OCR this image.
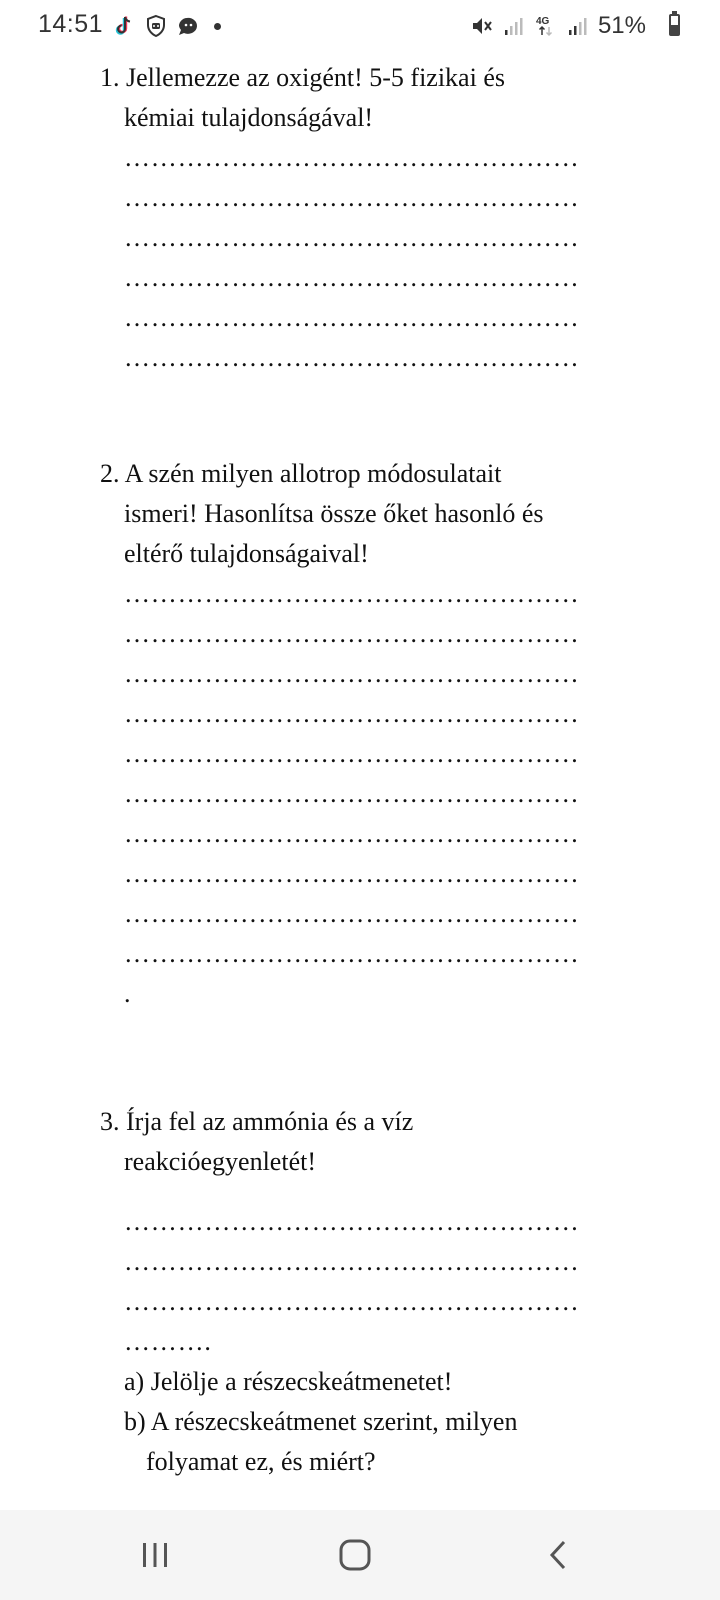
14:51	4G 51%
1. Jellemezze az oxigént! 5-5 fizikai és
kémiai tulajdonságával!
……………………………………………
……………………………………………
……………………………………………
……………………………………………
……………………………………………
……………………………………………
2. A szén milyen allotrop módosulatait
ismeri! Hasonlítsa össze őket hasonló és
eltérő tulajdonságaival!
……………………………………………
……………………………………………
……………………………………………
……………………………………………
……………………………………………
……………………………………………
……………………………………………
……………………………………………
……………………………………………
……………………………………………
.
3. Írja fel az ammónia és a víz
reakcióegyenletét!
……………………………………………
……………………………………………
……………………………………………
……….
a) Jelölje a részecskeátmenetet!
b) A részecskeátmenet szerint, milyen
folyamat ez, és miért?
